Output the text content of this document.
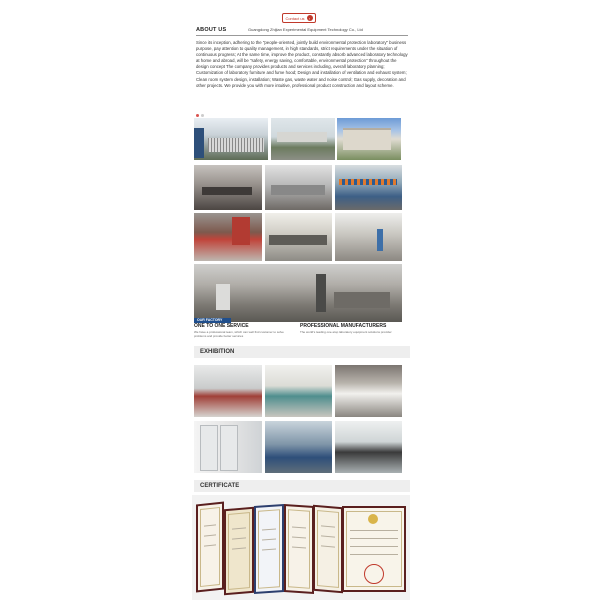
Contact us	›
ABOUT US	Guangdong Zhijian Experimental Equipment Technology Co., Ltd
Since its inception, adhering to the "people-oriented, jointly build environmental protection laboratory" business purpose, pay attention to quality management, in high standards, strict requirements under the situation of continuous progress; At the same time, improve the product, constantly absorb advanced laboratory technology at home and abroad, will be "safety, energy saving, comfortable, environmental protection" throughout the design concept The company provides products and services including, overall laboratory planning; Customization of laboratory furniture and fume hood; Design and installation of ventilation and exhaust system; Clean room system design, installation; Waste gas, waste water and noise control; Gas supply, decoration and other projects. We provide you with more intuitive, professional product construction and layout scheme.
OUR FACTORY
ONE TO ONE SERVICE
We have a professional team, which can well find customer to solve problems and provide better services
PROFESSIONAL MANUFACTURERS
The world's leading one-stop laboratory equipment solutions provider
EXHIBITION
CERTIFICATE
